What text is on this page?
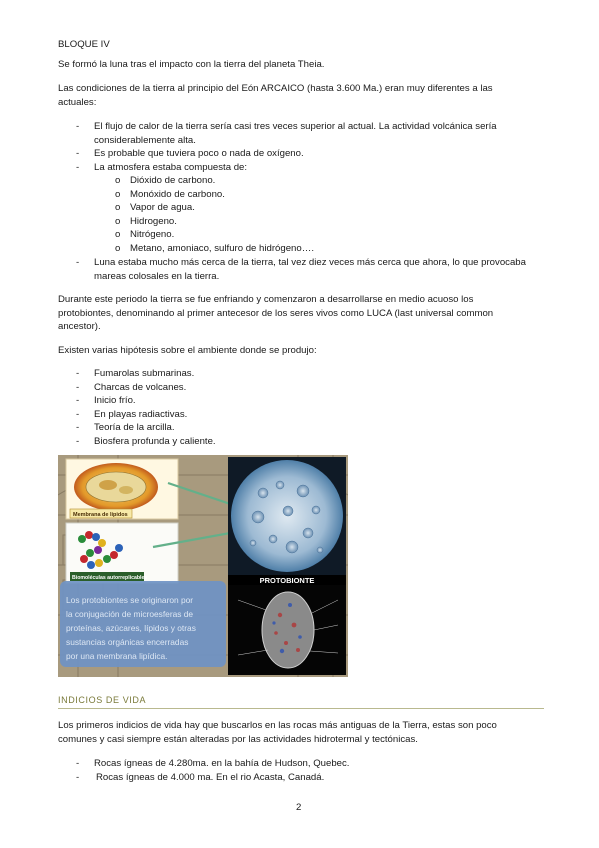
BLOQUE IV

Se formó la luna tras el impacto con la tierra del planeta Theia.

Las condiciones de la tierra al principio del Eón ARCAICO (hasta 3.600 Ma.) eran muy diferentes a las

actuales:

- El flujo de calor de la tierra sería casi tres veces superior al actual. La actividad volcánica sería
considerablemente alta.
- Es probable que tuviera poco o nada de oxígeno.
- La atmosfera estaba compuesta de:
o Dióxido de carbono.
o Monóxido de carbono.
o Vapor de agua.
o Hidrogeno.
o Nitrógeno.
o Metano, amoniaco, sulfuro de hidrógeno….
- Luna estaba mucho más cerca de la tierra, tal vez diez veces más cerca que ahora, lo que provocaba
mareas colosales en la tierra.

Durante este periodo la tierra se fue enfriando y comenzaron a desarrollarse en medio acuoso los

protobiontes, denominando al primer antecesor de los seres vivos como LUCA (last universal common

ancestor).

Existen varias hipótesis sobre el ambiente donde se produjo:

- Fumarolas submarinas.
- Charcas de volcanes.
- Inicio frío.
- En playas radiactivas.
- Teoría de la arcilla.
- Biosfera profunda y caliente.
Membrana de lípidos
Biomoléculas autorreplicables	PROTOBIONTE
Los protobiontes se originaron por
la conjugación de microesferas de
proteínas, azúcares, lípidos y otras
sustancias orgánicas encerradas
por una membrana lipídica.

INDICIOS DE VIDA

Los primeros indicios de vida hay que buscarlos en las rocas más antiguas de la Tierra, estas son poco

comunes y casi siempre están alteradas por las actividades hidrotermal y tectónicas.

- Rocas ígneas de 4.280ma. en la bahía de Hudson, Quebec.
- Rocas ígneas de 4.000 ma. En el rio Acasta, Canadá.

2
